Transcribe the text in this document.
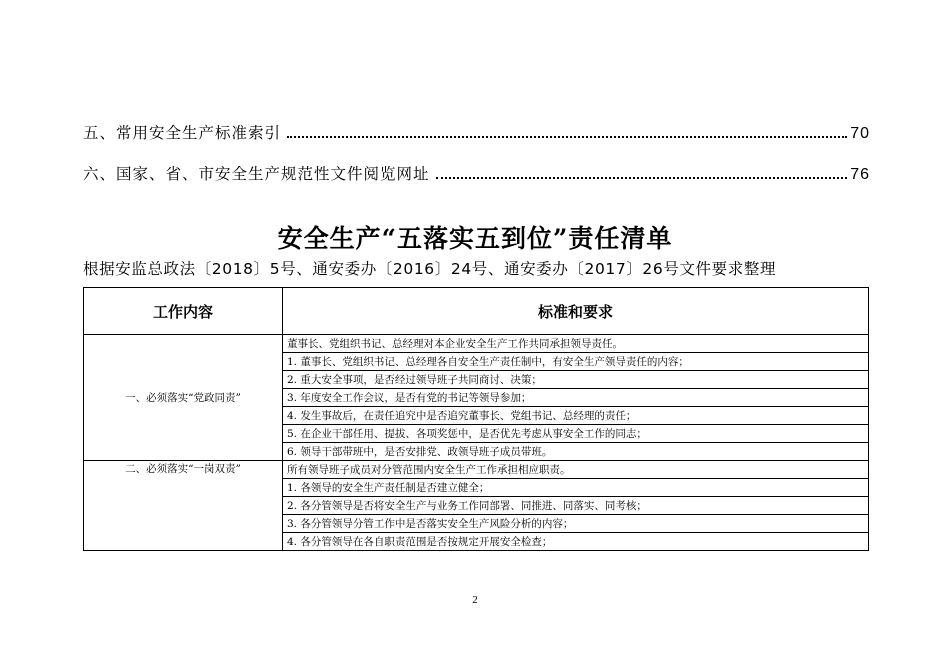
五、常用安全生产标准索引	70
六、国家、省、市安全生产规范性文件阅览网址	76
安全生产“五落实五到位”责任清单
根据安监总政法〔2018〕5号、通安委办〔2016〕24号、通安委办〔2017〕26号文件要求整理
工作内容	标准和要求
一、必须落实“党政同责”	董事长、党组织书记、总经理对本企业安全生产工作共同承担领导责任。
	1. 董事长、党组织书记、总经理各自安全生产责任制中，有安全生产领导责任的内容；
	2. 重大安全事项，是否经过领导班子共同商讨、决策；
	3. 年度安全工作会议，是否有党的书记等领导参加；
	4. 发生事故后，在责任追究中是否追究董事长、党组书记、总经理的责任；
	5. 在企业干部任用、提拔、各项奖惩中，是否优先考虑从事安全工作的同志；
	6. 领导干部带班中，是否安排党、政领导班子成员带班。
二、必须落实“一岗双责”	所有领导班子成员对分管范围内安全生产工作承担相应职责。
	1. 各领导的安全生产责任制是否建立健全；
	2. 各分管领导是否将安全生产与业务工作同部署、同推进、同落实、同考核；
	3. 各分管领导分管工作中是否落实安全生产风险分析的内容；
	4. 各分管领导在各自职责范围是否按规定开展安全检查；
2
